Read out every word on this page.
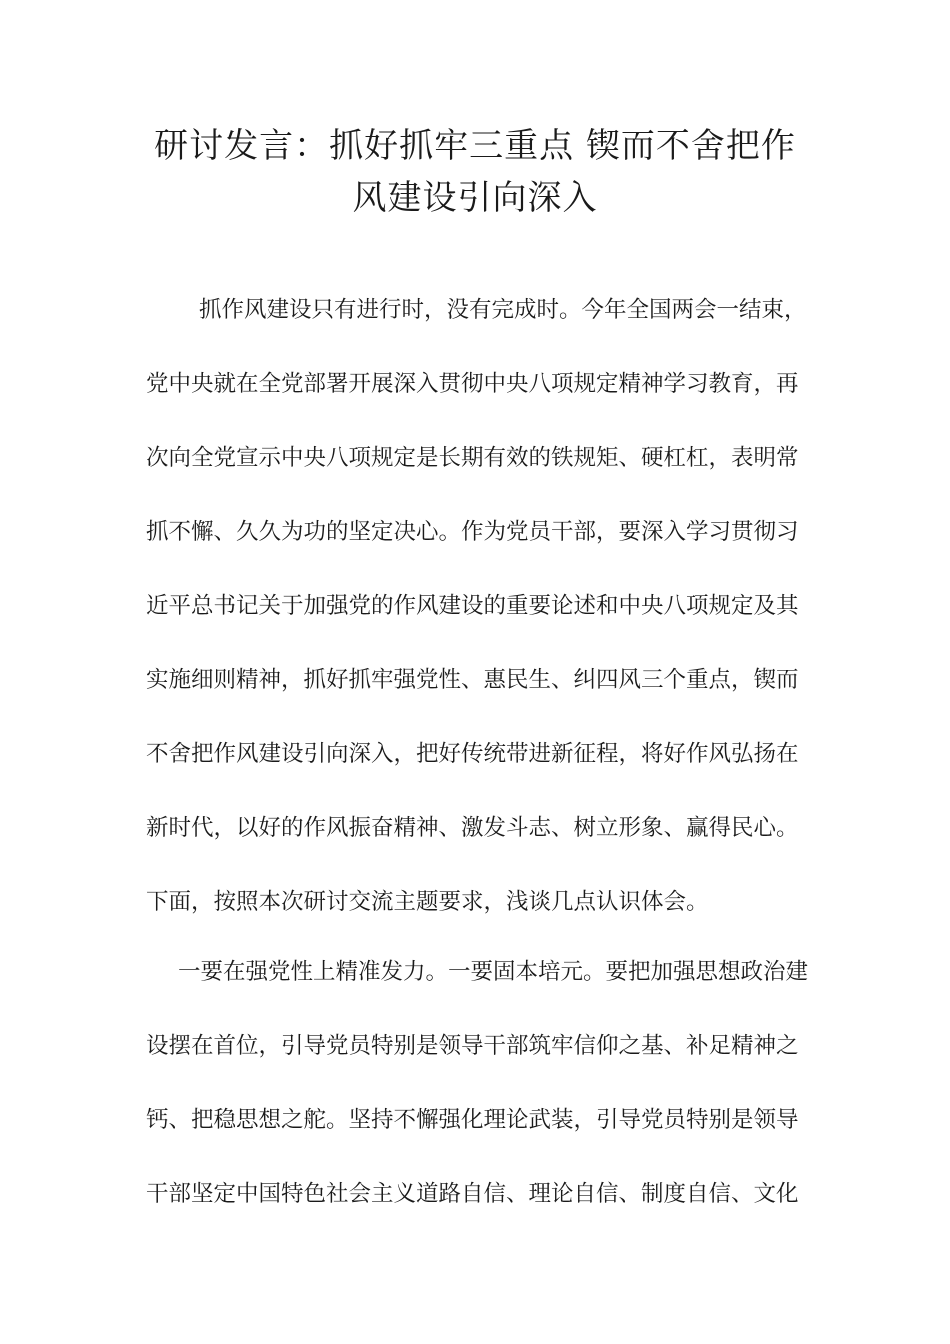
研讨发言：抓好抓牢三重点 锲而不舍把作
风建设引向深入

抓作风建设只有进行时，没有完成时。今年全国两会一结束，

党中央就在全党部署开展深入贯彻中央八项规定精神学习教育，再

次向全党宣示中央八项规定是长期有效的铁规矩、硬杠杠，表明常

抓不懈、久久为功的坚定决心。作为党员干部，要深入学习贯彻习

近平总书记关于加强党的作风建设的重要论述和中央八项规定及其

实施细则精神，抓好抓牢强党性、惠民生、纠四风三个重点，锲而

不舍把作风建设引向深入，把好传统带进新征程，将好作风弘扬在

新时代，以好的作风振奋精神、激发斗志、树立形象、赢得民心。

下面，按照本次研讨交流主题要求，浅谈几点认识体会。

一要在强党性上精准发力。一要固本培元。要把加强思想政治建

设摆在首位，引导党员特别是领导干部筑牢信仰之基、补足精神之

钙、把稳思想之舵。坚持不懈强化理论武装，引导党员特别是领导

干部坚定中国特色社会主义道路自信、理论自信、制度自信、文化
